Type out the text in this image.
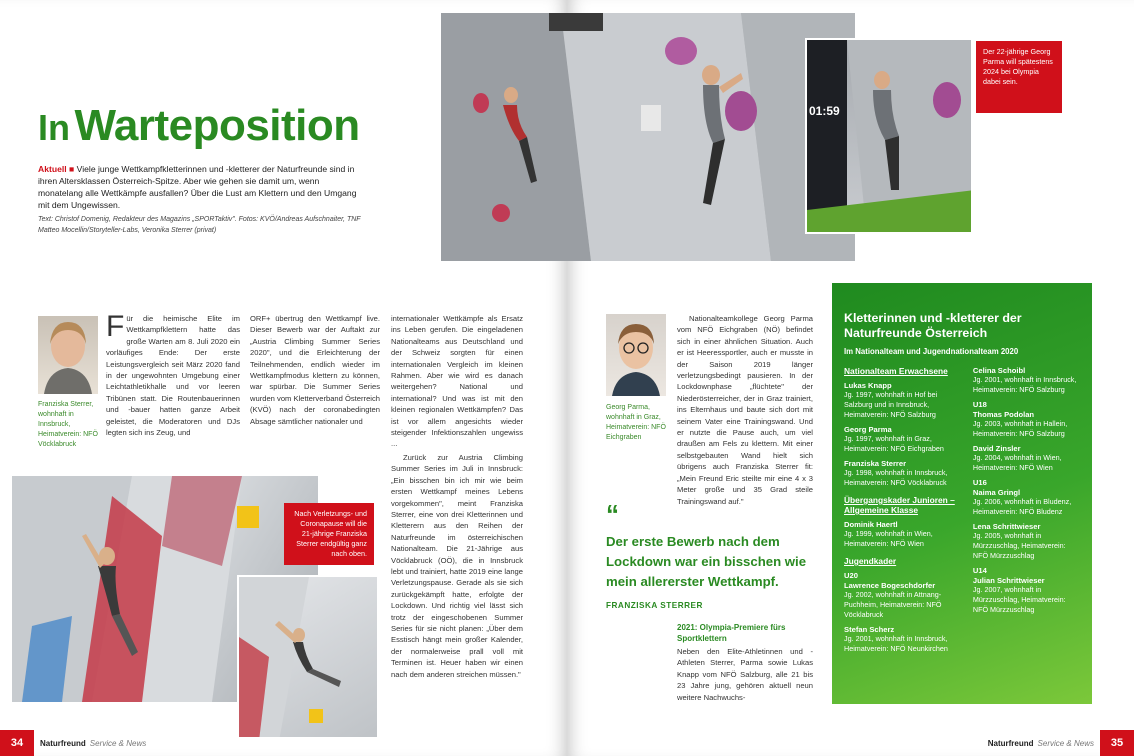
In Warteposition
Aktuell ■ Viele junge Wettkampfkletterinnen und -kletterer der Naturfreunde sind in ihren Altersklassen Österreich-Spitze. Aber wie gehen sie damit um, wenn monatelang alle Wettkämpfe ausfallen? Über die Lust am Klettern und den Umgang mit dem Ungewissen.
Text: Christof Domenig, Redakteur des Magazins „SPORTaktiv". Fotos: KVÖ/Andreas Aufschnaiter, TNF Matteo Mocellin/Storyteller-Labs, Veronika Sterrer (privat)
Franziska Sterrer, wohnhaft in Innsbruck, Heimatverein: NFÖ Vöcklabruck
F ür die heimische Elite im Wettkampfklettern hatte das große Warten am 8. Juli 2020 ein vorläufiges Ende: Der erste Leistungsvergleich seit März 2020 fand in der ungewohnten Umgebung einer Leichtathletikhalle und vor leeren Tribünen statt. Die Routenbauerinnen und -bauer hatten ganze Arbeit geleistet, die Moderatoren und DJs legten sich ins Zeug, und
ORF+ übertrug den Wettkampf live. Dieser Bewerb war der Auftakt zur „Austria Climbing Summer Series 2020", und die Erleichterung der Teilnehmenden, endlich wieder im Wettkampfmodus klettern zu können, war spürbar. Die Summer Series wurden vom Kletterverband Österreich (KVÖ) nach der coronabedingten Absage sämtlicher nationaler und
internationaler Wettkämpfe als Ersatz ins Leben gerufen. Die eingeladenen Nationalteams aus Deutschland und der Schweiz sorgten für einen internationalen Vergleich im kleinen Rahmen. Aber wie wird es danach weitergehen? National und international? Und was ist mit den kleinen regionalen Wettkämpfen? Das ist vor allem angesichts wieder steigender Infektionszahlen ungewiss ...
Zurück zur Austria Climbing Summer Series im Juli in Innsbruck: „Ein bisschen bin ich mir wie beim ersten Wettkampf meines Lebens vorgekommen", meint Franziska Sterrer, eine von drei Kletterinnen und Kletterern aus den Reihen der Naturfreunde im österreichischen Nationalteam. Die 21-Jährige aus Vöcklabruck (OÖ), die in Innsbruck lebt und trainiert, hatte 2019 eine lange Verletzungspause. Gerade als sie sich zurückgekämpft hatte, erfolgte der Lockdown. Und richtig viel lässt sich trotz der eingeschobenen Summer Series für sie nicht planen: „Über dem Esstisch hängt mein großer Kalender, der normalerweise prall voll mit Terminen ist. Heuer haben wir einen nach dem anderen streichen müssen."
Nach Verletzungs- und Coronapause will die 21-jährige Franziska Sterrer endgültig ganz nach oben.
34	Naturfreund Service & News
01:59
Der 22-jährige Georg Parma will spätestens 2024 bei Olympia dabei sein.
Georg Parma, wohnhaft in Graz, Heimatverein: NFÖ Eichgraben
Nationalteamkollege Georg Parma vom NFÖ Eichgraben (NÖ) befindet sich in einer ähnlichen Situation. Auch er ist Heeressportler, auch er musste in der Saison 2019 länger verletzungsbedingt pausieren. In der Lockdownphase „flüchtete" der Niederösterreicher, der in Graz trainiert, ins Elternhaus und baute sich dort mit seinem Vater eine Trainingswand. Und er nutzte die Pause auch, um viel draußen am Fels zu klettern. Mit einer selbstgebauten Wand hielt sich übrigens auch Franziska Sterrer fit: „Mein Freund Eric steilte mir eine 4 x 3 Meter große und 35 Grad steile Trainingswand auf."
“
Der erste Bewerb nach dem Lockdown war ein bisschen wie mein allererster Wettkampf.
FRANZISKA STERRER
2021: Olympia-Premiere fürs Sportklettern
Neben den Elite-Athletinnen und -Athleten Sterrer, Parma sowie Lukas Knapp vom NFÖ Salzburg, alle 21 bis 23 Jahre jung, gehören aktuell neun weitere Nachwuchs-
Kletterinnen und -kletterer der Naturfreunde Österreich
Im Nationalteam und Jugendnationalteam 2020
Nationalteam Erwachsene
Lukas Knapp
Jg. 1997, wohnhaft in Hof bei Salzburg und in Innsbruck, Heimatverein: NFÖ Salzburg
Georg Parma
Jg. 1997, wohnhaft in Graz, Heimatverein: NFÖ Eichgraben
Franziska Sterrer
Jg. 1998, wohnhaft in Innsbruck, Heimatverein: NFÖ Vöcklabruck
Übergangskader Junioren – Allgemeine Klasse
Dominik Haertl
Jg. 1999, wohnhaft in Wien, Heimatverein: NFÖ Wien
Jugendkader
U20
Lawrence Bogeschdorfer
Jg. 2002, wohnhaft in Attnang-Puchheim, Heimatverein: NFÖ Vöcklabruck
Stefan Scherz
Jg. 2001, wohnhaft in Innsbruck, Heimatverein: NFÖ Neunkirchen
Celina Schoibl
Jg. 2001, wohnhaft in Innsbruck, Heimatverein: NFÖ Salzburg
U18
Thomas Podolan
Jg. 2003, wohnhaft in Hallein, Heimatverein: NFÖ Salzburg
David Zinsler
Jg. 2004, wohnhaft in Wien, Heimatverein: NFÖ Wien
U16
Naima Gringl
Jg. 2006, wohnhaft in Bludenz, Heimatverein: NFÖ Bludenz
Lena Schrittwieser
Jg. 2005, wohnhaft in Mürzzuschlag, Heimatverein: NFÖ Mürzzuschlag
U14
Julian Schrittwieser
Jg. 2007, wohnhaft in Mürzzuschlag, Heimatverein: NFÖ Mürzzuschlag
Naturfreund Service & News	35
